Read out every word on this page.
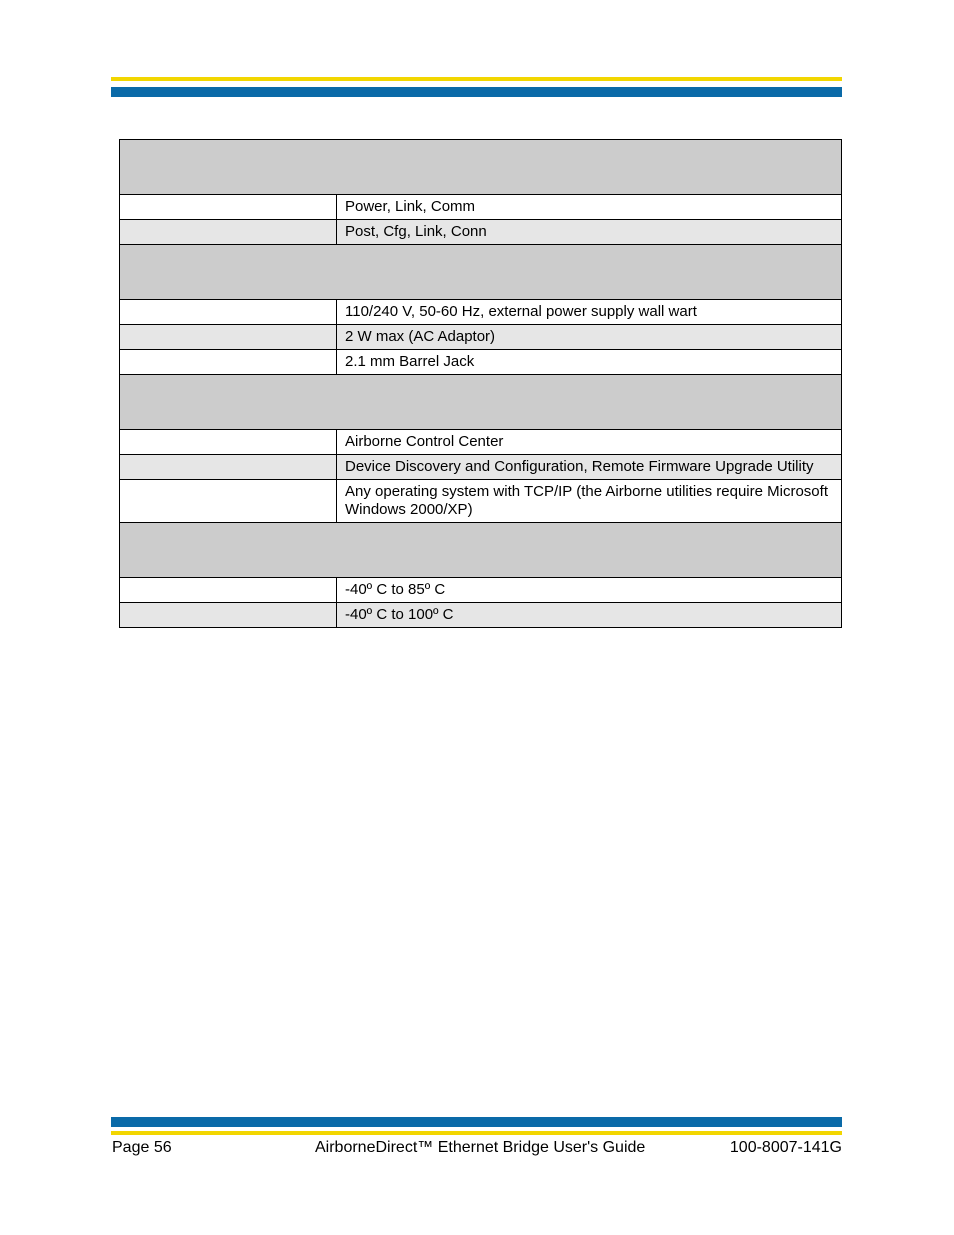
	Power, Link, Comm
	Post, Cfg, Link, Conn

	110/240 V, 50-60 Hz, external power supply wall wart
	2 W max (AC Adaptor)
	2.1 mm Barrel Jack

	Airborne Control Center
	Device Discovery and Configuration, Remote Firmware Upgrade Utility
	Any operating system with TCP/IP (the Airborne utilities require Microsoft Windows 2000/XP)

	-40º C to 85º C
	-40º C to 100º C
Page 56	AirborneDirect™ Ethernet Bridge User's Guide	100-8007-141G
